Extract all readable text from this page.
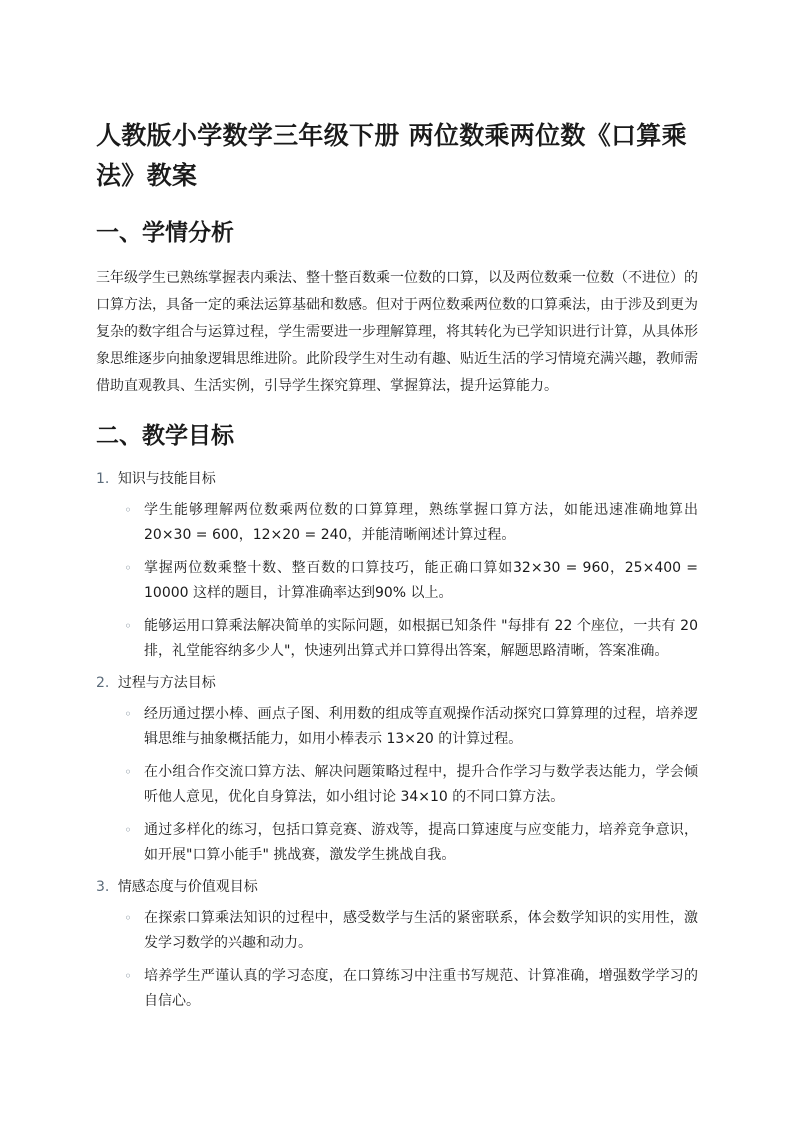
人教版小学数学三年级下册 两位数乘两位数《口算乘法》教案
一、学情分析

三年级学生已熟练掌握表内乘法、整十整百数乘一位数的口算，以及两位数乘一位数（不进位）的口算方法，具备一定的乘法运算基础和数感。但对于两位数乘两位数的口算乘法，由于涉及到更为复杂的数字组合与运算过程，学生需要进一步理解算理，将其转化为已学知识进行计算，从具体形象思维逐步向抽象逻辑思维进阶。此阶段学生对生动有趣、贴近生活的学习情境充满兴趣，教师需借助直观教具、生活实例，引导学生探究算理、掌握算法，提升运算能力。

二、教学目标
1. 知识与技能目标
◦ 学生能够理解两位数乘两位数的口算算理，熟练掌握口算方法，如能迅速准确地算出 20×30 = 600，12×20 = 240，并能清晰阐述计算过程。
◦ 掌握两位数乘整十数、整百数的口算技巧，能正确口算如32×30 = 960，25×400 = 10000 这样的题目，计算准确率达到90% 以上。
◦ 能够运用口算乘法解决简单的实际问题，如根据已知条件 "每排有 22 个座位，一共有 20 排，礼堂能容纳多少人"，快速列出算式并口算得出答案，解题思路清晰，答案准确。
2. 过程与方法目标
◦ 经历通过摆小棒、画点子图、利用数的组成等直观操作活动探究口算算理的过程，培养逻辑思维与抽象概括能力，如用小棒表示 13×20 的计算过程。
◦ 在小组合作交流口算方法、解决问题策略过程中，提升合作学习与数学表达能力，学会倾听他人意见，优化自身算法，如小组讨论 34×10 的不同口算方法。
◦ 通过多样化的练习，包括口算竞赛、游戏等，提高口算速度与应变能力，培养竞争意识，如开展"口算小能手" 挑战赛，激发学生挑战自我。
3. 情感态度与价值观目标
◦ 在探索口算乘法知识的过程中，感受数学与生活的紧密联系，体会数学知识的实用性，激发学习数学的兴趣和动力。
◦ 培养学生严谨认真的学习态度，在口算练习中注重书写规范、计算准确，增强数学学习的自信心。
